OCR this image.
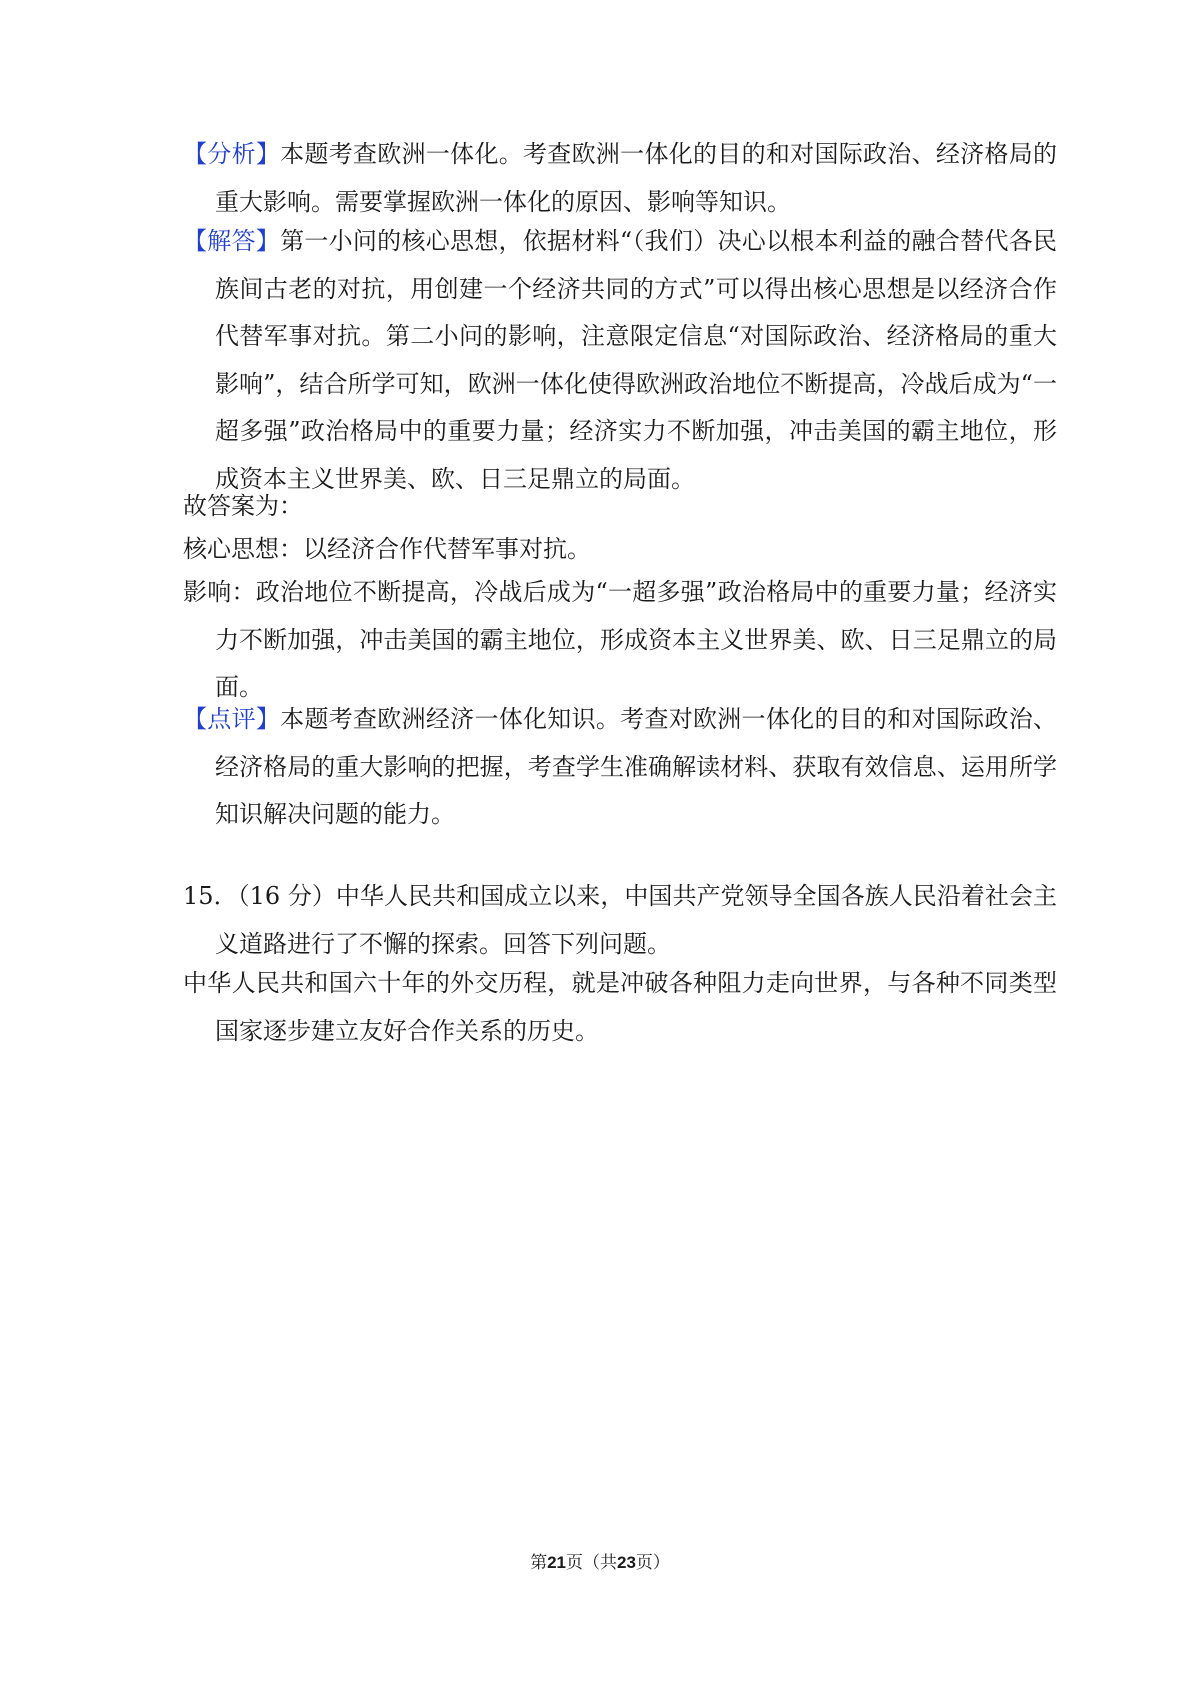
【分析】本题考查欧洲一体化。考查欧洲一体化的目的和对国际政治、经济格局的重大影响。需要掌握欧洲一体化的原因、影响等知识。

【解答】第一小问的核心思想，依据材料“（我们）决心以根本利益的融合替代各民族间古老的对抗，用创建一个经济共同的方式”可以得出核心思想是以经济合作代替军事对抗。第二小问的影响，注意限定信息“对国际政治、经济格局的重大影响”，结合所学可知，欧洲一体化使得欧洲政治地位不断提高，冷战后成为“一超多强”政治格局中的重要力量；经济实力不断加强，冲击美国的霸主地位，形成资本主义世界美、欧、日三足鼎立的局面。

故答案为：

核心思想：以经济合作代替军事对抗。

影响：政治地位不断提高，冷战后成为“一超多强”政治格局中的重要力量；经济实力不断加强，冲击美国的霸主地位，形成资本主义世界美、欧、日三足鼎立的局面。

【点评】本题考查欧洲经济一体化知识。考查对欧洲一体化的目的和对国际政治、经济格局的重大影响的把握，考查学生准确解读材料、获取有效信息、运用所学知识解决问题的能力。

15．（16 分）中华人民共和国成立以来，中国共产党领导全国各族人民沿着社会主义道路进行了不懈的探索。回答下列问题。

中华人民共和国六十年的外交历程，就是冲破各种阻力走向世界，与各种不同类型国家逐步建立友好合作关系的历史。

第21页（共23页）
